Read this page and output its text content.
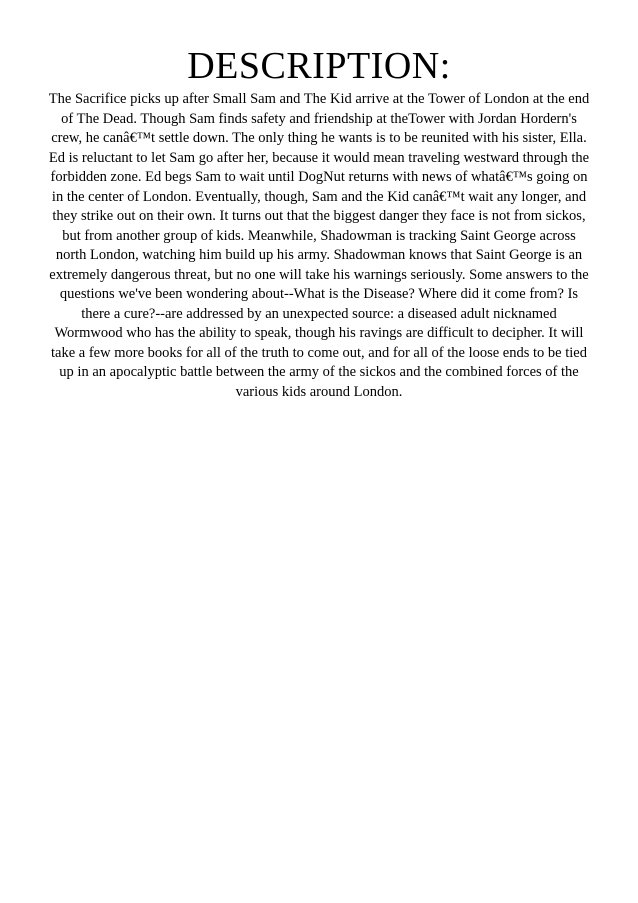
DESCRIPTION:

The Sacrifice picks up after Small Sam and The Kid arrive at the Tower of London at the end
of The Dead. Though Sam finds safety and friendship at theTower with Jordan Hordern's
crew, he canâ€™t settle down. The only thing he wants is to be reunited with his sister, Ella.
Ed is reluctant to let Sam go after her, because it would mean traveling westward through the
forbidden zone. Ed begs Sam to wait until DogNut returns with news of whatâ€™s going on
in the center of London. Eventually, though, Sam and the Kid canâ€™t wait any longer, and
they strike out on their own. It turns out that the biggest danger they face is not from sickos,
but from another group of kids. Meanwhile, Shadowman is tracking Saint George across
north London, watching him build up his army. Shadowman knows that Saint George is an
extremely dangerous threat, but no one will take his warnings seriously. Some answers to the
questions we've been wondering about--What is the Disease? Where did it come from? Is
there a cure?--are addressed by an unexpected source: a diseased adult nicknamed
Wormwood who has the ability to speak, though his ravings are difficult to decipher. It will
take a few more books for all of the truth to come out, and for all of the loose ends to be tied
up in an apocalyptic battle between the army of the sickos and the combined forces of the
various kids around London.
